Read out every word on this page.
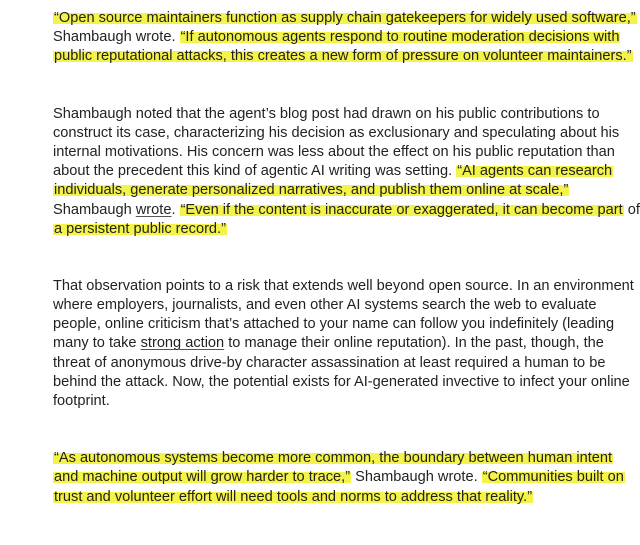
“Open source maintainers function as supply chain gatekeepers for widely used software,”
Shambaugh wrote. “If autonomous agents respond to routine moderation decisions with
public reputational attacks, this creates a new form of pressure on volunteer maintainers.”
Shambaugh noted that the agent’s blog post had drawn on his public contributions to
construct its case, characterizing his decision as exclusionary and speculating about his
internal motivations. His concern was less about the effect on his public reputation than
about the precedent this kind of agentic AI writing was setting. “AI agents can research
individuals, generate personalized narratives, and publish them online at scale,”
Shambaugh wrote. “Even if the content is inaccurate or exaggerated, it can become part of
a persistent public record.”
That observation points to a risk that extends well beyond open source. In an environment
where employers, journalists, and even other AI systems search the web to evaluate
people, online criticism that’s attached to your name can follow you indefinitely (leading
many to take strong action to manage their online reputation). In the past, though, the
threat of anonymous drive-by character assassination at least required a human to be
behind the attack. Now, the potential exists for AI-generated invective to infect your online
footprint.
“As autonomous systems become more common, the boundary between human intent
and machine output will grow harder to trace,” Shambaugh wrote. “Communities built on
trust and volunteer effort will need tools and norms to address that reality.”
